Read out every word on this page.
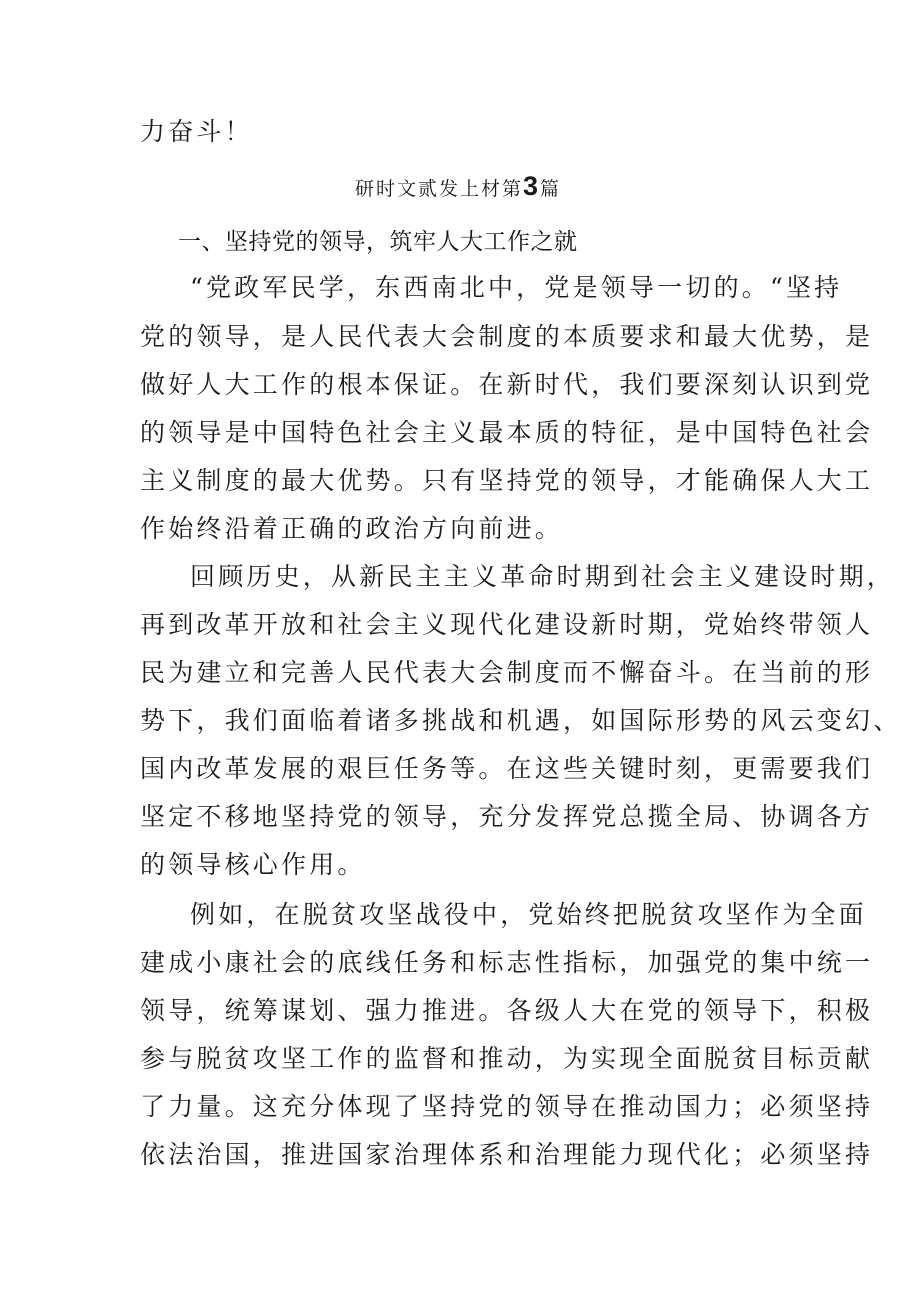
力奋斗！
研时文贰发上材第3篇
一、坚持党的领导，筑牢人大工作之就
“党政军民学，东西南北中，党是领导一切的。“坚持
党的领导，是人民代表大会制度的本质要求和最大优势，是
做好人大工作的根本保证。在新时代，我们要深刻认识到党
的领导是中国特色社会主义最本质的特征，是中国特色社会
主义制度的最大优势。只有坚持党的领导，才能确保人大工
作始终沿着正确的政治方向前进。
回顾历史，从新民主主义革命时期到社会主义建设时期，
再到改革开放和社会主义现代化建设新时期，党始终带领人
民为建立和完善人民代表大会制度而不懈奋斗。在当前的形
势下，我们面临着诸多挑战和机遇，如国际形势的风云变幻、
国内改革发展的艰巨任务等。在这些关键时刻，更需要我们
坚定不移地坚持党的领导，充分发挥党总揽全局、协调各方
的领导核心作用。
例如，在脱贫攻坚战役中，党始终把脱贫攻坚作为全面
建成小康社会的底线任务和标志性指标，加强党的集中统一
领导，统筹谋划、强力推进。各级人大在党的领导下，积极
参与脱贫攻坚工作的监督和推动，为实现全面脱贫目标贡献
了力量。这充分体现了坚持党的领导在推动国力；必须坚持
依法治国，推进国家治理体系和治理能力现代化；必须坚持
